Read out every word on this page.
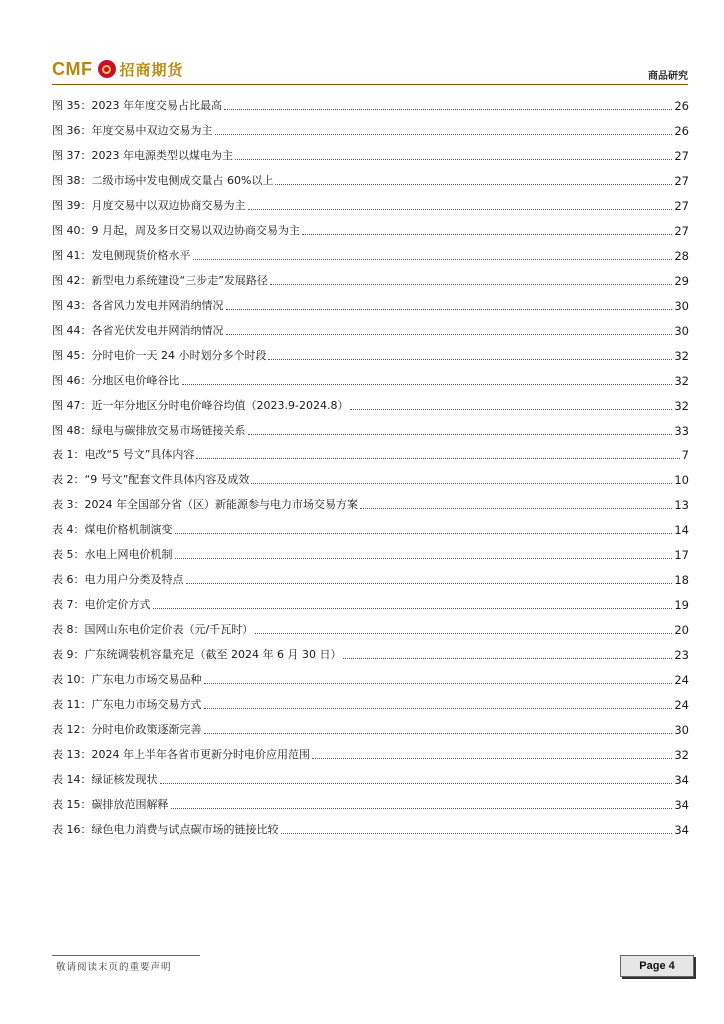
CMF 招商期货	商品研究
图 35：2023 年年度交易占比最高	26
图 36：年度交易中双边交易为主	26
图 37：2023 年电源类型以煤电为主	27
图 38：二级市场中发电侧成交量占 60%以上	27
图 39：月度交易中以双边协商交易为主	27
图 40：9 月起，周及多日交易以双边协商交易为主	27
图 41：发电侧现货价格水平	28
图 42：新型电力系统建设“三步走”发展路径	29
图 43：各省风力发电并网消纳情况	30
图 44：各省光伏发电并网消纳情况	30
图 45：分时电价一天 24 小时划分多个时段	32
图 46：分地区电价峰谷比	32
图 47：近一年分地区分时电价峰谷均值（2023.9-2024.8）	32
图 48：绿电与碳排放交易市场链接关系	33
表 1：电改“5 号文”具体内容	7
表 2：“9 号文”配套文件具体内容及成效	10
表 3：2024 年全国部分省（区）新能源参与电力市场交易方案	13
表 4：煤电价格机制演变	14
表 5：水电上网电价机制	17
表 6：电力用户分类及特点	18
表 7：电价定价方式	19
表 8：国网山东电价定价表（元/千瓦时）	20
表 9：广东统调装机容量充足（截至 2024 年 6 月 30 日）	23
表 10：广东电力市场交易品种	24
表 11：广东电力市场交易方式	24
表 12：分时电价政策逐渐完善	30
表 13：2024 年上半年各省市更新分时电价应用范围	32
表 14：绿证核发现状	34
表 15：碳排放范围解释	34
表 16：绿色电力消费与试点碳市场的链接比较	34
敬请阅读末页的重要声明	Page 4
